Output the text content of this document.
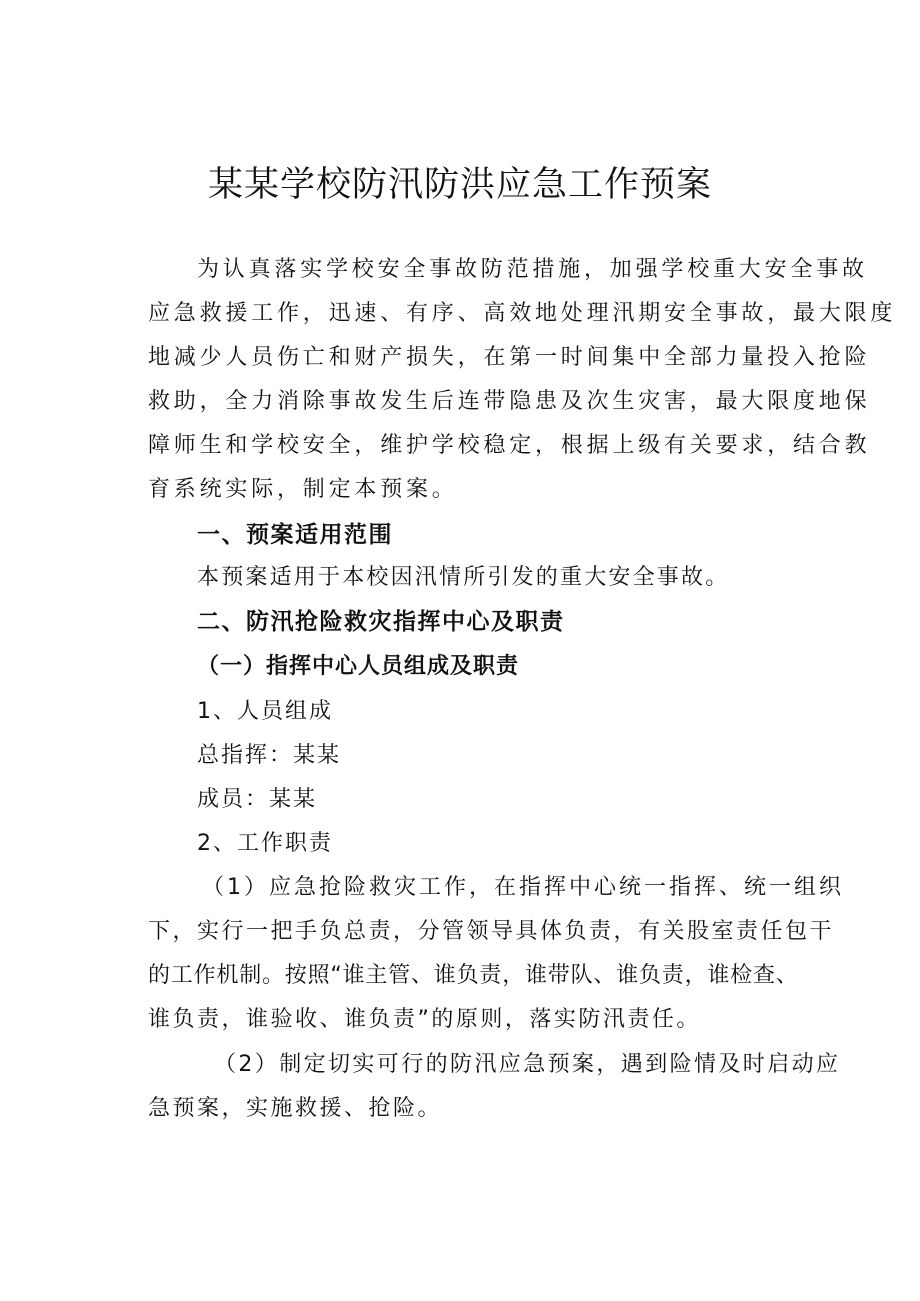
某某学校防汛防洪应急工作预案
为认真落实学校安全事故防范措施，加强学校重大安全事故
应急救援工作，迅速、有序、高效地处理汛期安全事故，最大限度
地减少人员伤亡和财产损失，在第一时间集中全部力量投入抢险
救助，全力消除事故发生后连带隐患及次生灾害，最大限度地保
障师生和学校安全，维护学校稳定，根据上级有关要求，结合教
育系统实际，制定本预案。
一、预案适用范围
本预案适用于本校因汛情所引发的重大安全事故。
二、防汛抢险救灾指挥中心及职责
（一）指挥中心人员组成及职责
1、人员组成
总指挥：某某
成员：某某
2、工作职责
（1）应急抢险救灾工作，在指挥中心统一指挥、统一组织
下，实行一把手负总责，分管领导具体负责，有关股室责任包干
的工作机制。按照“谁主管、谁负责，谁带队、谁负责，谁检查、
谁负责，谁验收、谁负责”的原则，落实防汛责任。
（2）制定切实可行的防汛应急预案，遇到险情及时启动应
急预案，实施救援、抢险。
